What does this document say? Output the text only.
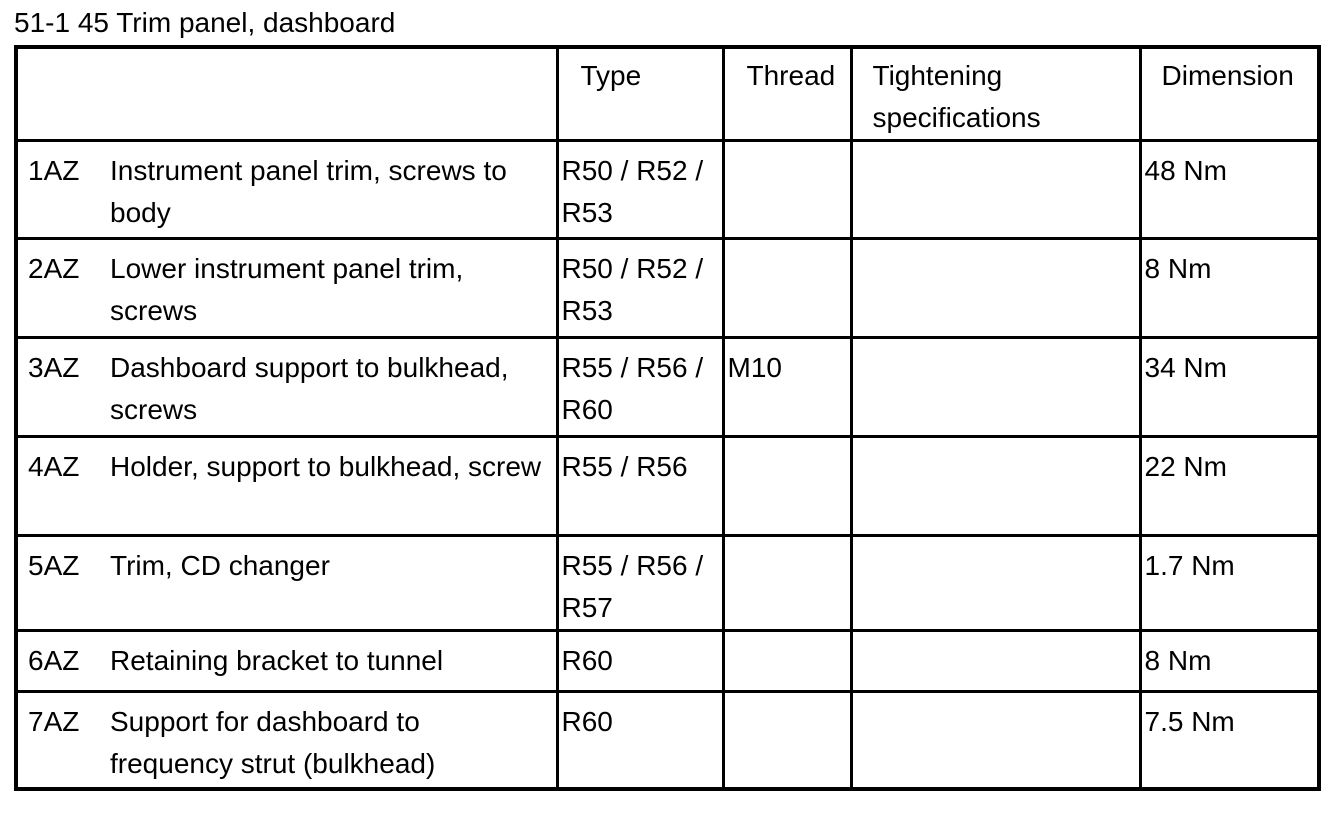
51-1 45 Trim panel, dashboard

	Type	Thread	Tightening specifications	Dimension

1AZ Instrument panel trim, screws to body	R50 / R52 / R53			48 Nm

2AZ Lower instrument panel trim, screws	R50 / R52 / R53			8 Nm

3AZ Dashboard support to bulkhead, screws	R55 / R56 / R60	M10		34 Nm

4AZ Holder, support to bulkhead, screw	R55 / R56			22 Nm

5AZ Trim, CD changer	R55 / R56 / R57			1.7 Nm

6AZ Retaining bracket to tunnel	R60			8 Nm

7AZ Support for dashboard to frequency strut (bulkhead)	R60			7.5 Nm
